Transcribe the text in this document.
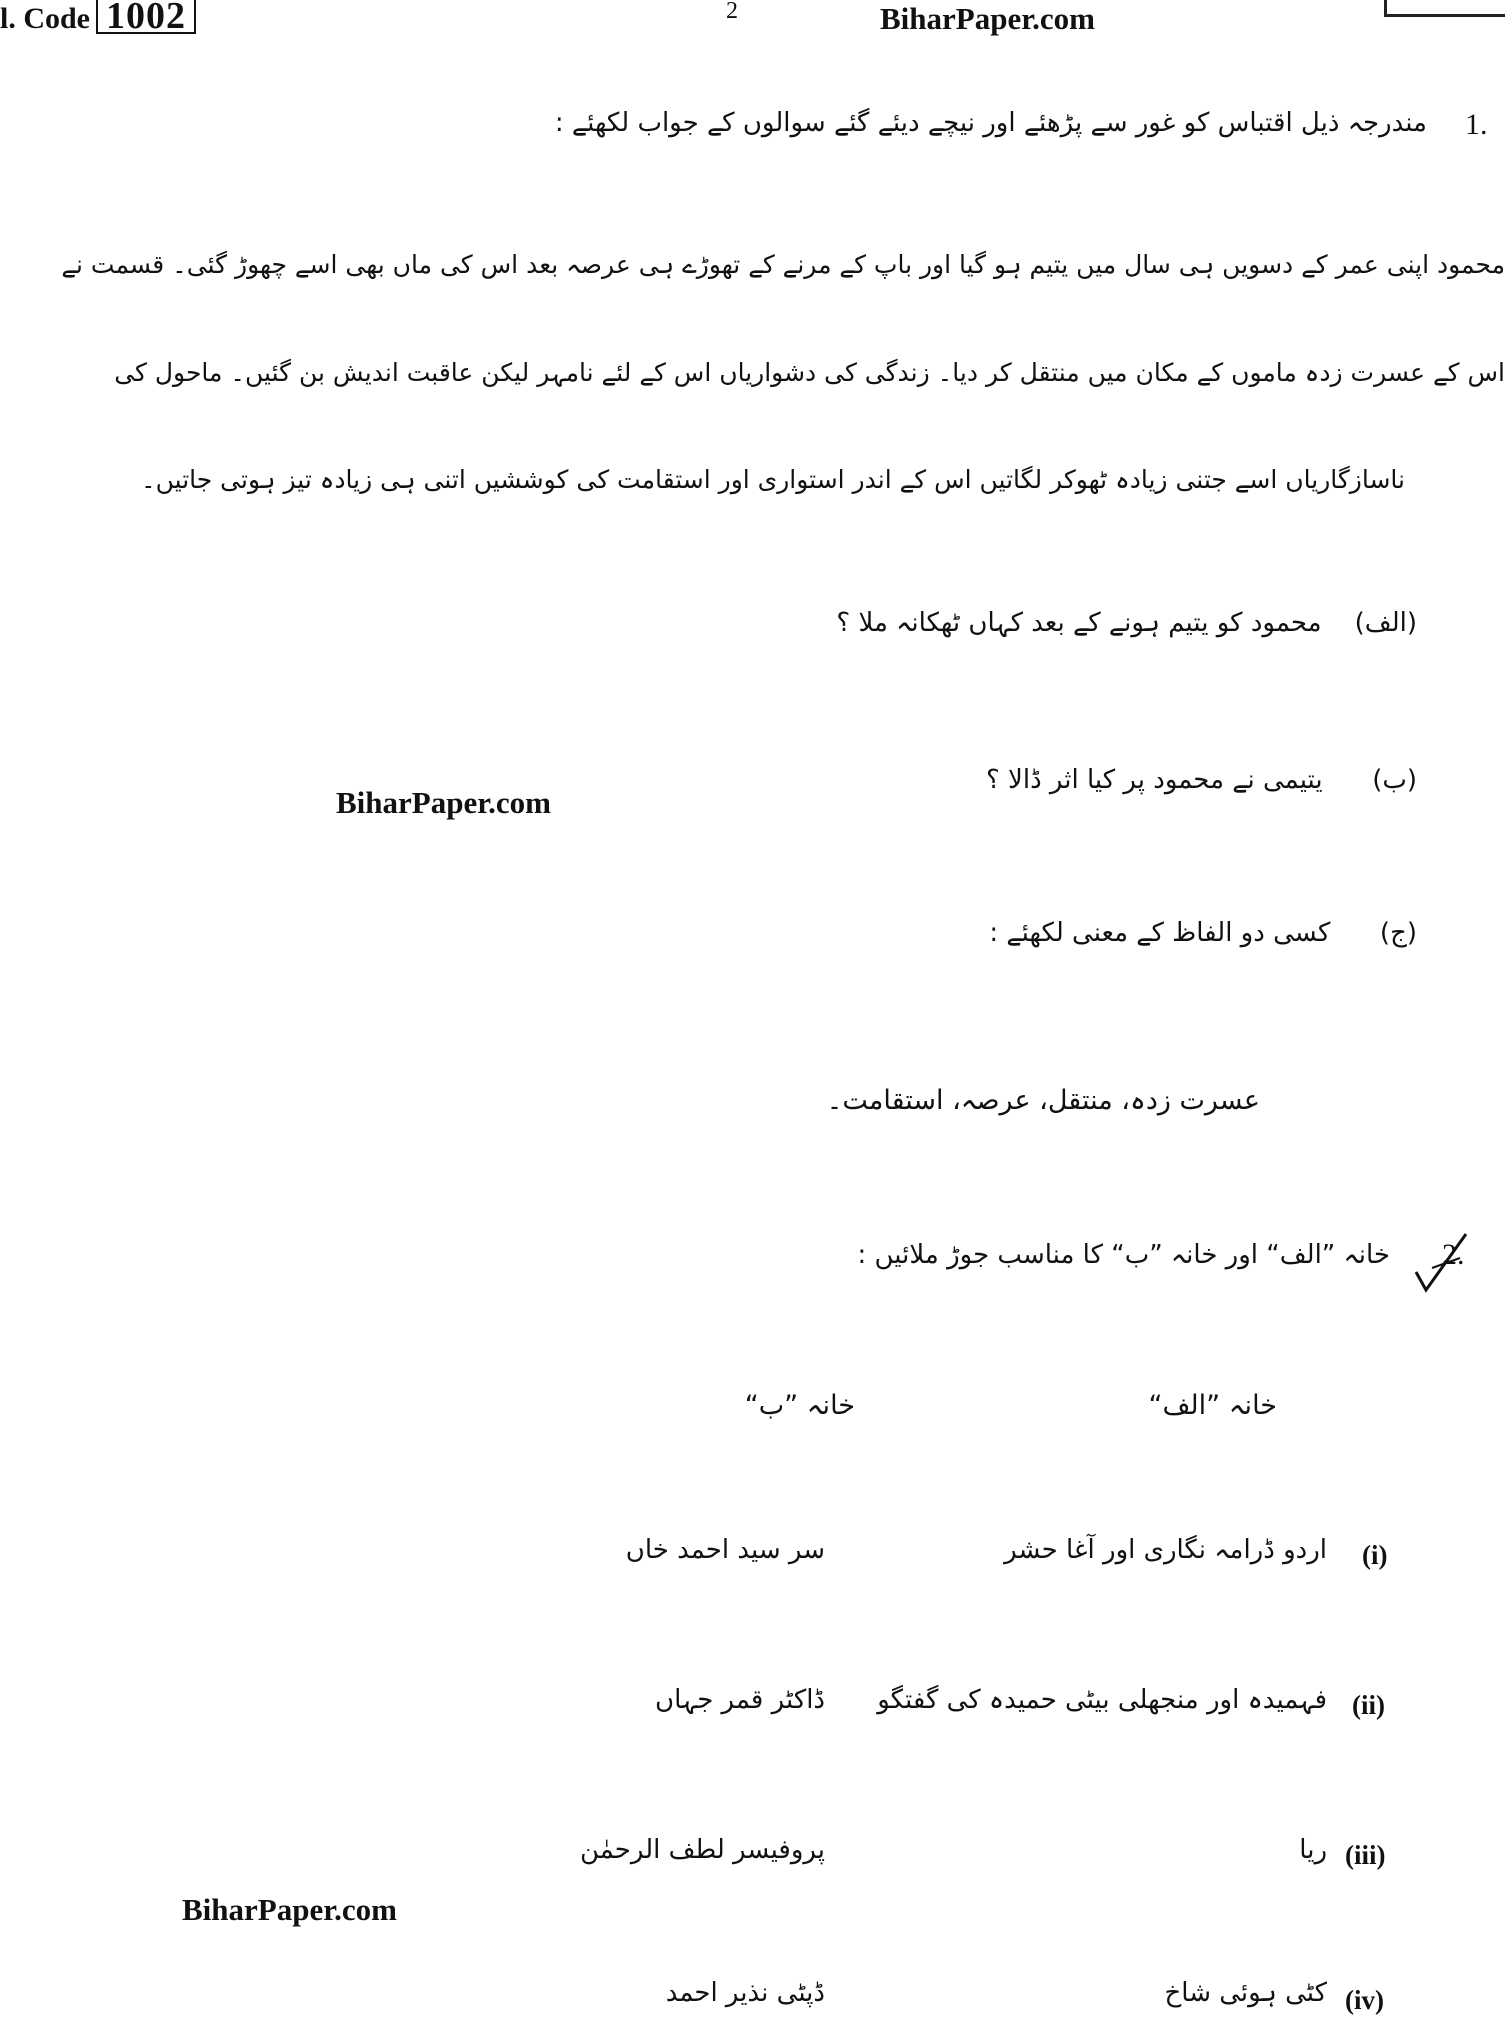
l. Code 1002	2	BiharPaper.com
1.
مندرجہ ذیل اقتباس کو غور سے پڑھئے اور نیچے دیئے گئے سوالوں کے جواب لکھئے :
محمود اپنی عمر کے دسویں ہی سال میں یتیم ہو گیا اور باپ کے مرنے کے تھوڑے ہی عرصہ بعد اس کی ماں بھی اسے چھوڑ گئی۔ قسمت نے
اس کے عسرت زدہ ماموں کے مکان میں منتقل کر دیا۔ زندگی کی دشواریاں اس کے لئے نامہر لیکن عاقبت اندیش بن گئیں۔ ماحول کی
ناسازگاریاں اسے جتنی زیادہ ٹھوکر لگاتیں اس کے اندر استواری اور استقامت کی کوششیں اتنی ہی زیادہ تیز ہوتی جاتیں۔
(الف)    محمود کو یتیم ہونے کے بعد کہاں ٹھکانہ ملا ؟
(ب)      یتیمی نے محمود پر کیا اثر ڈالا ؟
(ج)      کسی دو الفاظ کے معنی لکھئے :
عسرت زدہ، منتقل، عرصہ، استقامت۔
BiharPaper.com
2.
خانہ ”الف“ اور خانہ ”ب“ کا مناسب جوڑ ملائیں :
خانہ ”الف“
خانہ ”ب“
(i)
اردو ڈرامہ نگاری اور آغا حشر
سر سید احمد خاں
(ii)
فہمیدہ اور منجھلی بیٹی حمیدہ کی گفتگو
ڈاکٹر قمر جہاں
(iii)
ریا
پروفیسر لطف الرحمٰن
(iv)
کٹی ہوئی شاخ
ڈپٹی نذیر احمد
BiharPaper.com
